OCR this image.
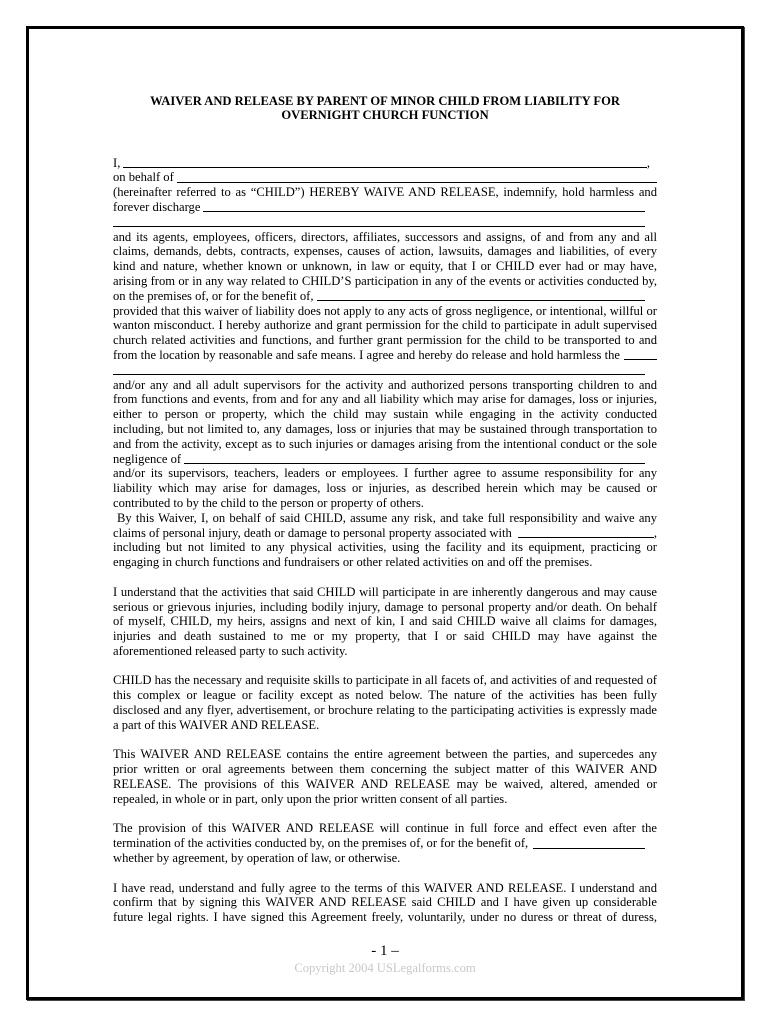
WAIVER AND RELEASE BY PARENT OF MINOR CHILD FROM LIABILITY FOR
OVERNIGHT CHURCH FUNCTION
I,	,
on behalf of
(hereinafter referred to as “CHILD”) HEREBY WAIVE AND RELEASE, indemnify, hold harmless and
forever discharge
and its agents, employees, officers, directors, affiliates, successors and assigns, of and from any and all
claims, demands, debts, contracts, expenses, causes of action, lawsuits, damages and liabilities, of every
kind and nature, whether known or unknown, in law or equity, that I or CHILD ever had or may have,
arising from or in any way related to CHILD’S participation in any of the events or activities conducted by,
on the premises of, or for the benefit of,
provided that this waiver of liability does not apply to any acts of gross negligence, or intentional, willful or
wanton misconduct. I hereby authorize and grant permission for the child to participate in adult supervised
church related activities and functions, and further grant permission for the child to be transported to and
from the location by reasonable and safe means. I agree and hereby do release and hold harmless the
and/or any and all adult supervisors for the activity and authorized persons transporting children to and
from functions and events, from and for any and all liability which may arise for damages, loss or injuries,
either to person or property, which the child may sustain while engaging in the activity conducted
including, but not limited to, any damages, loss or injuries that may be sustained through transportation to
and from the activity, except as to such injuries or damages arising from the intentional conduct or the sole
negligence of
and/or its supervisors, teachers, leaders or employees. I further agree to assume responsibility for any
liability which may arise for damages, loss or injuries, as described herein which may be caused or
contributed to by the child to the person or property of others.
By this Waiver, I, on behalf of said CHILD, assume any risk, and take full responsibility and waive any
claims of personal injury, death or damage to personal property associated with	,
including but not limited to any physical activities, using the facility and its equipment, practicing or
engaging in church functions and fundraisers or other related activities on and off the premises.
I understand that the activities that said CHILD will participate in are inherently dangerous and may cause
serious or grievous injuries, including bodily injury, damage to personal property and/or death. On behalf
of myself, CHILD, my heirs, assigns and next of kin, I and said CHILD waive all claims for damages,
injuries and death sustained to me or my property, that I or said CHILD may have against the
aforementioned released party to such activity.
CHILD has the necessary and requisite skills to participate in all facets of, and activities of and requested of
this complex or league or facility except as noted below. The nature of the activities has been fully
disclosed and any flyer, advertisement, or brochure relating to the participating activities is expressly made
a part of this WAIVER AND RELEASE.
This WAIVER AND RELEASE contains the entire agreement between the parties, and supercedes any
prior written or oral agreements between them concerning the subject matter of this WAIVER AND
RELEASE. The provisions of this WAIVER AND RELEASE may be waived, altered, amended or
repealed, in whole or in part, only upon the prior written consent of all parties.
The provision of this WAIVER AND RELEASE will continue in full force and effect even after the
termination of the activities conducted by, on the premises of, or for the benefit of,
whether by agreement, by operation of law, or otherwise.
I have read, understand and fully agree to the terms of this WAIVER AND RELEASE. I understand and
confirm that by signing this WAIVER AND RELEASE said CHILD and I have given up considerable
future legal rights. I have signed this Agreement freely, voluntarily, under no duress or threat of duress,
- 1 –
Copyright 2004 USLegalforms.com
